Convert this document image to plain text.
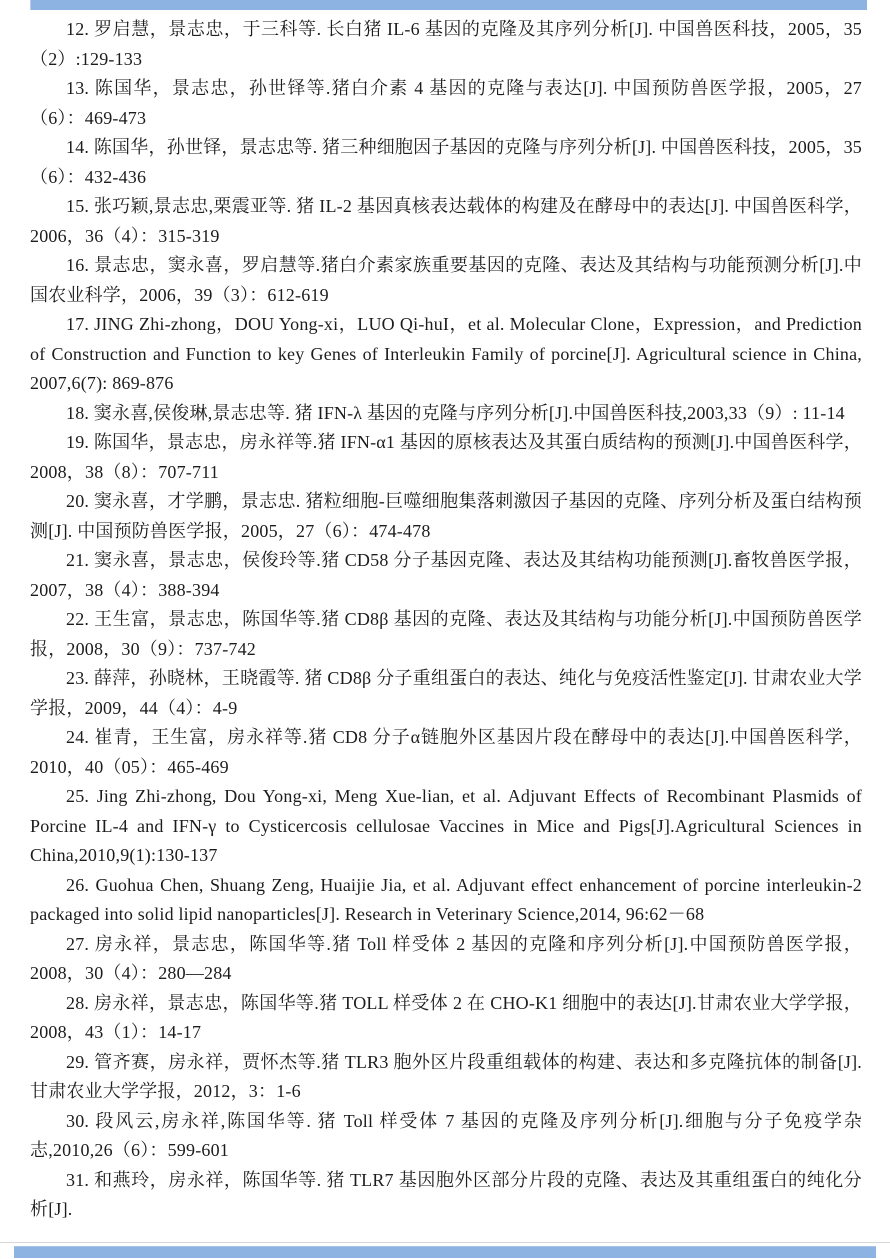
12. 罗启慧，景志忠，于三科等. 长白猪 IL-6 基因的克隆及其序列分析[J]. 中国兽医科技，2005，35（2）:129-133

13. 陈国华，景志忠，孙世铎等.猪白介素 4 基因的克隆与表达[J]. 中国预防兽医学报，2005，27（6）：469-473

14. 陈国华，孙世铎，景志忠等. 猪三种细胞因子基因的克隆与序列分析[J]. 中国兽医科技，2005，35（6）：432-436

15. 张巧颖,景志忠,栗震亚等. 猪 IL-2 基因真核表达载体的构建及在酵母中的表达[J]. 中国兽医科学，2006，36（4）：315-319

16. 景志忠，窦永喜，罗启慧等.猪白介素家族重要基因的克隆、表达及其结构与功能预测分析[J].中国农业科学，2006，39（3）：612-619

17. JING Zhi-zhong，DOU Yong-xi，LUO Qi-huI，et al. Molecular Clone，Expression，and Prediction of Construction and Function to key Genes of Interleukin Family of porcine[J]. Agricultural science in China, 2007,6(7): 869-876

18. 窦永喜,侯俊琳,景志忠等. 猪 IFN-λ 基因的克隆与序列分析[J].中国兽医科技,2003,33（9）: 11-14

19. 陈国华，景志忠，房永祥等.猪 IFN-α1 基因的原核表达及其蛋白质结构的预测[J].中国兽医科学，2008，38（8）：707-711

20. 窦永喜，才学鹏，景志忠. 猪粒细胞-巨噬细胞集落刺激因子基因的克隆、序列分析及蛋白结构预测[J]. 中国预防兽医学报，2005，27（6）：474-478

21. 窦永喜，景志忠，侯俊玲等.猪 CD58 分子基因克隆、表达及其结构功能预测[J].畜牧兽医学报，2007，38（4）：388-394

22. 王生富，景志忠，陈国华等.猪 CD8β 基因的克隆、表达及其结构与功能分析[J].中国预防兽医学报，2008，30（9）：737-742

23. 薛萍，孙晓林，王晓霞等. 猪 CD8β 分子重组蛋白的表达、纯化与免疫活性鉴定[J]. 甘肃农业大学学报，2009，44（4）：4-9

24. 崔青，王生富，房永祥等.猪 CD8 分子α链胞外区基因片段在酵母中的表达[J].中国兽医科学，2010，40（05）：465-469

25. Jing Zhi-zhong, Dou Yong-xi, Meng Xue-lian, et al. Adjuvant Effects of Recombinant Plasmids of Porcine IL-4 and IFN-γ to Cysticercosis cellulosae Vaccines in Mice and Pigs[J].Agricultural Sciences in China,2010,9(1):130-137

26. Guohua Chen, Shuang Zeng, Huaijie Jia, et al. Adjuvant effect enhancement of porcine interleukin-2 packaged into solid lipid nanoparticles[J]. Research in Veterinary Science,2014, 96:62－68

27. 房永祥，景志忠，陈国华等.猪 Toll 样受体 2 基因的克隆和序列分析[J].中国预防兽医学报，2008，30（4）：280—284

28. 房永祥，景志忠，陈国华等.猪 TOLL 样受体 2 在 CHO-K1 细胞中的表达[J].甘肃农业大学学报，2008，43（1）：14-17

29. 管齐赛，房永祥，贾怀杰等.猪 TLR3 胞外区片段重组载体的构建、表达和多克隆抗体的制备[J]. 甘肃农业大学学报，2012，3：1-6

30. 段风云,房永祥,陈国华等. 猪 Toll 样受体 7 基因的克隆及序列分析[J].细胞与分子免疫学杂志,2010,26（6）：599-601

31. 和燕玲，房永祥，陈国华等. 猪 TLR7 基因胞外区部分片段的克隆、表达及其重组蛋白的纯化分析[J].
